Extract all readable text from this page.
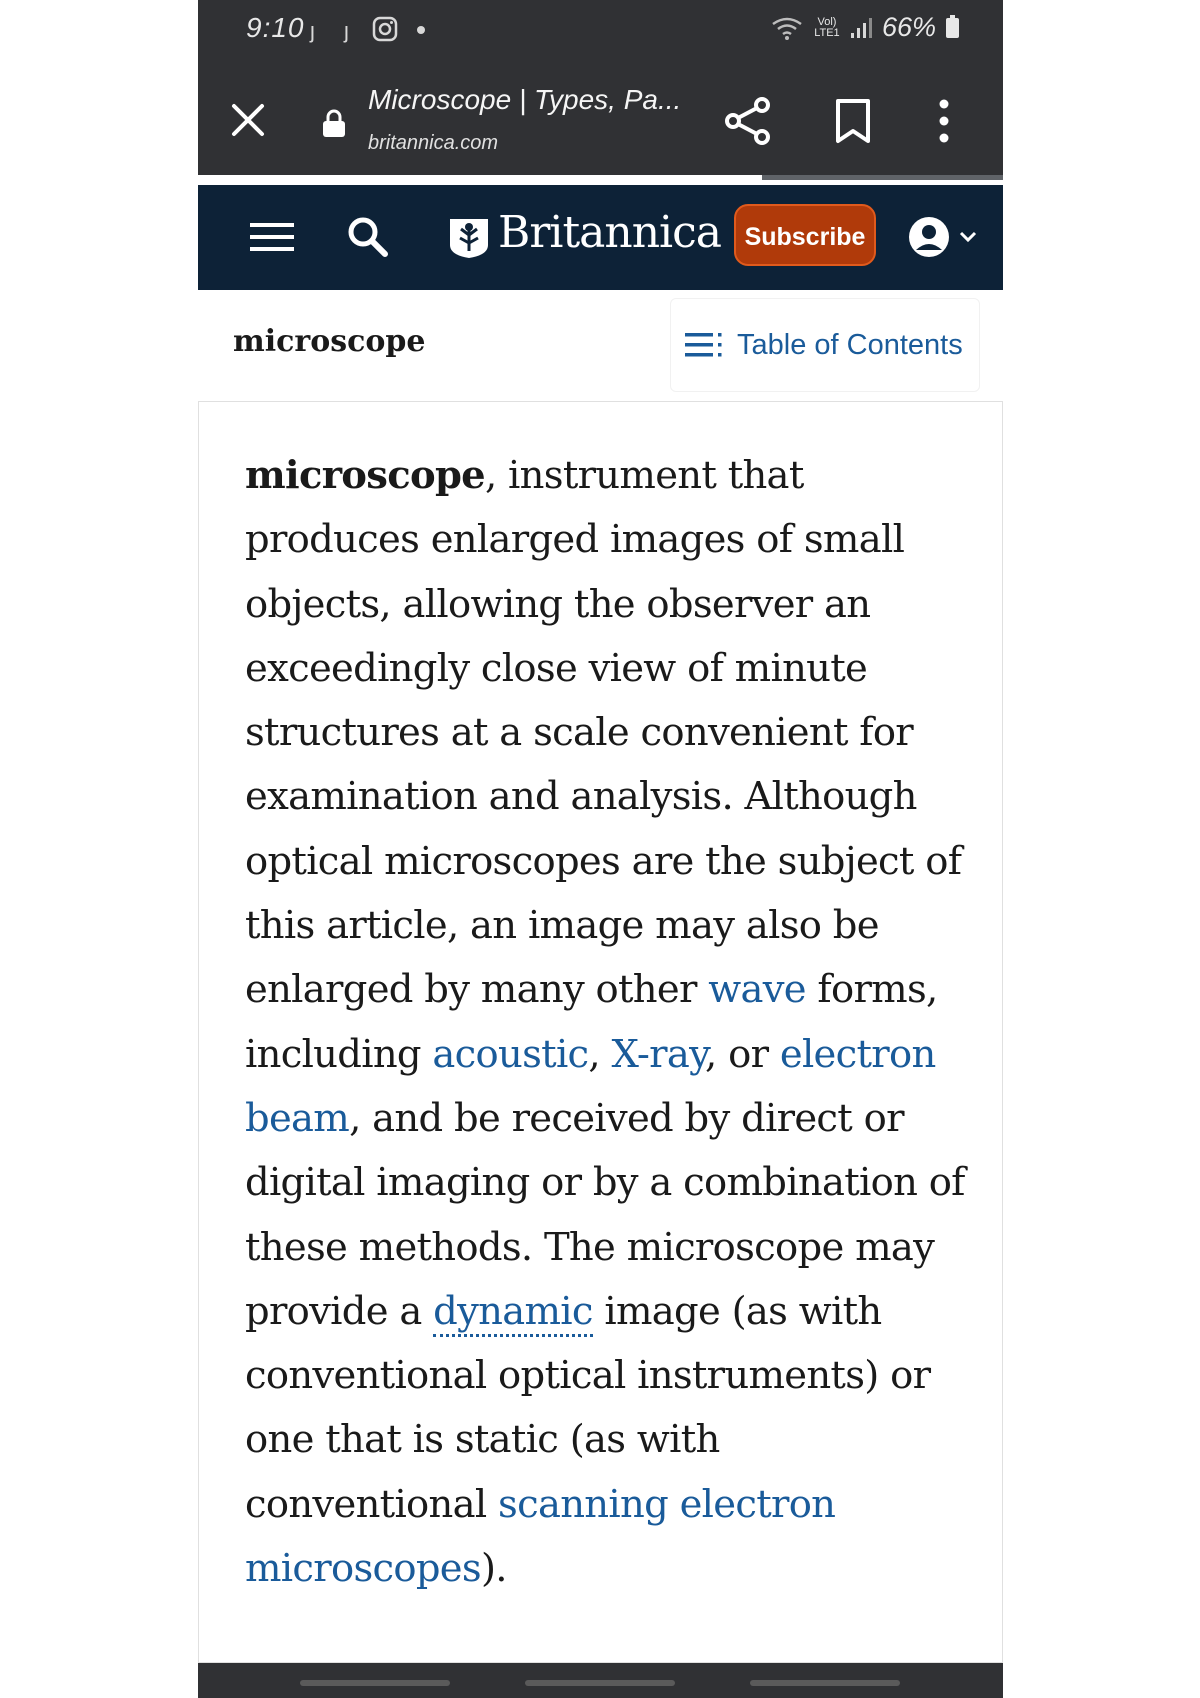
9:10 ȷ ȷ	Vol) LTE1 66%
Microscope | Types, Pa...
britannica.com
Britannica Subscribe
microscope	Table of Contents

microscope, instrument that produces enlarged images of small objects, allowing the observer an exceedingly close view of minute structures at a scale convenient for examination and analysis. Although optical microscopes are the subject of this article, an image may also be enlarged by many other wave forms, including acoustic, X-ray, or electron beam, and be received by direct or digital imaging or by a combination of these methods. The microscope may provide a dynamic image (as with conventional optical instruments) or one that is static (as with conventional scanning electron microscopes).
